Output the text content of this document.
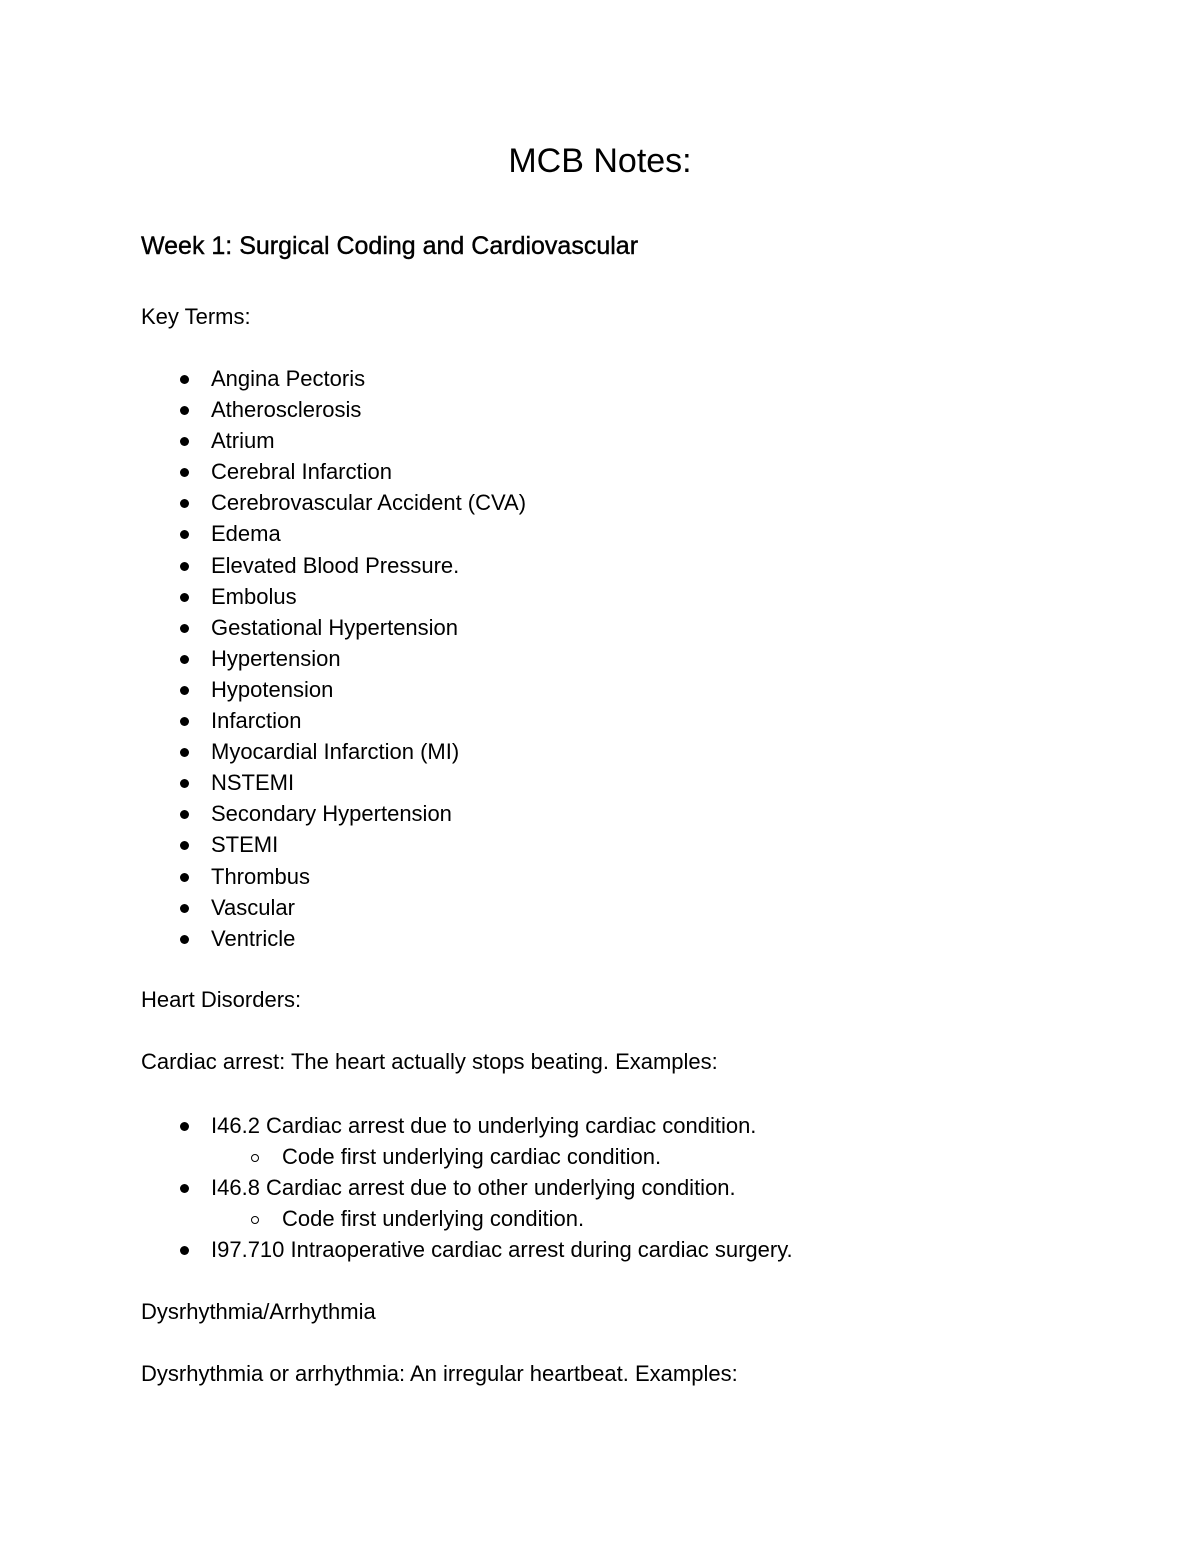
MCB Notes:
Week 1: Surgical Coding and Cardiovascular

Key Terms:

Angina Pectoris
Atherosclerosis
Atrium
Cerebral Infarction
Cerebrovascular Accident (CVA)
Edema
Elevated Blood Pressure.
Embolus
Gestational Hypertension
Hypertension
Hypotension
Infarction
Myocardial Infarction (MI)
NSTEMI
Secondary Hypertension
STEMI
Thrombus
Vascular
Ventricle

Heart Disorders:

Cardiac arrest: The heart actually stops beating. Examples:

I46.2 Cardiac arrest due to underlying cardiac condition.
Code first underlying cardiac condition.
I46.8 Cardiac arrest due to other underlying condition.
Code first underlying condition.
I97.710 Intraoperative cardiac arrest during cardiac surgery.

Dysrhythmia/Arrhythmia

Dysrhythmia or arrhythmia: An irregular heartbeat. Examples:
